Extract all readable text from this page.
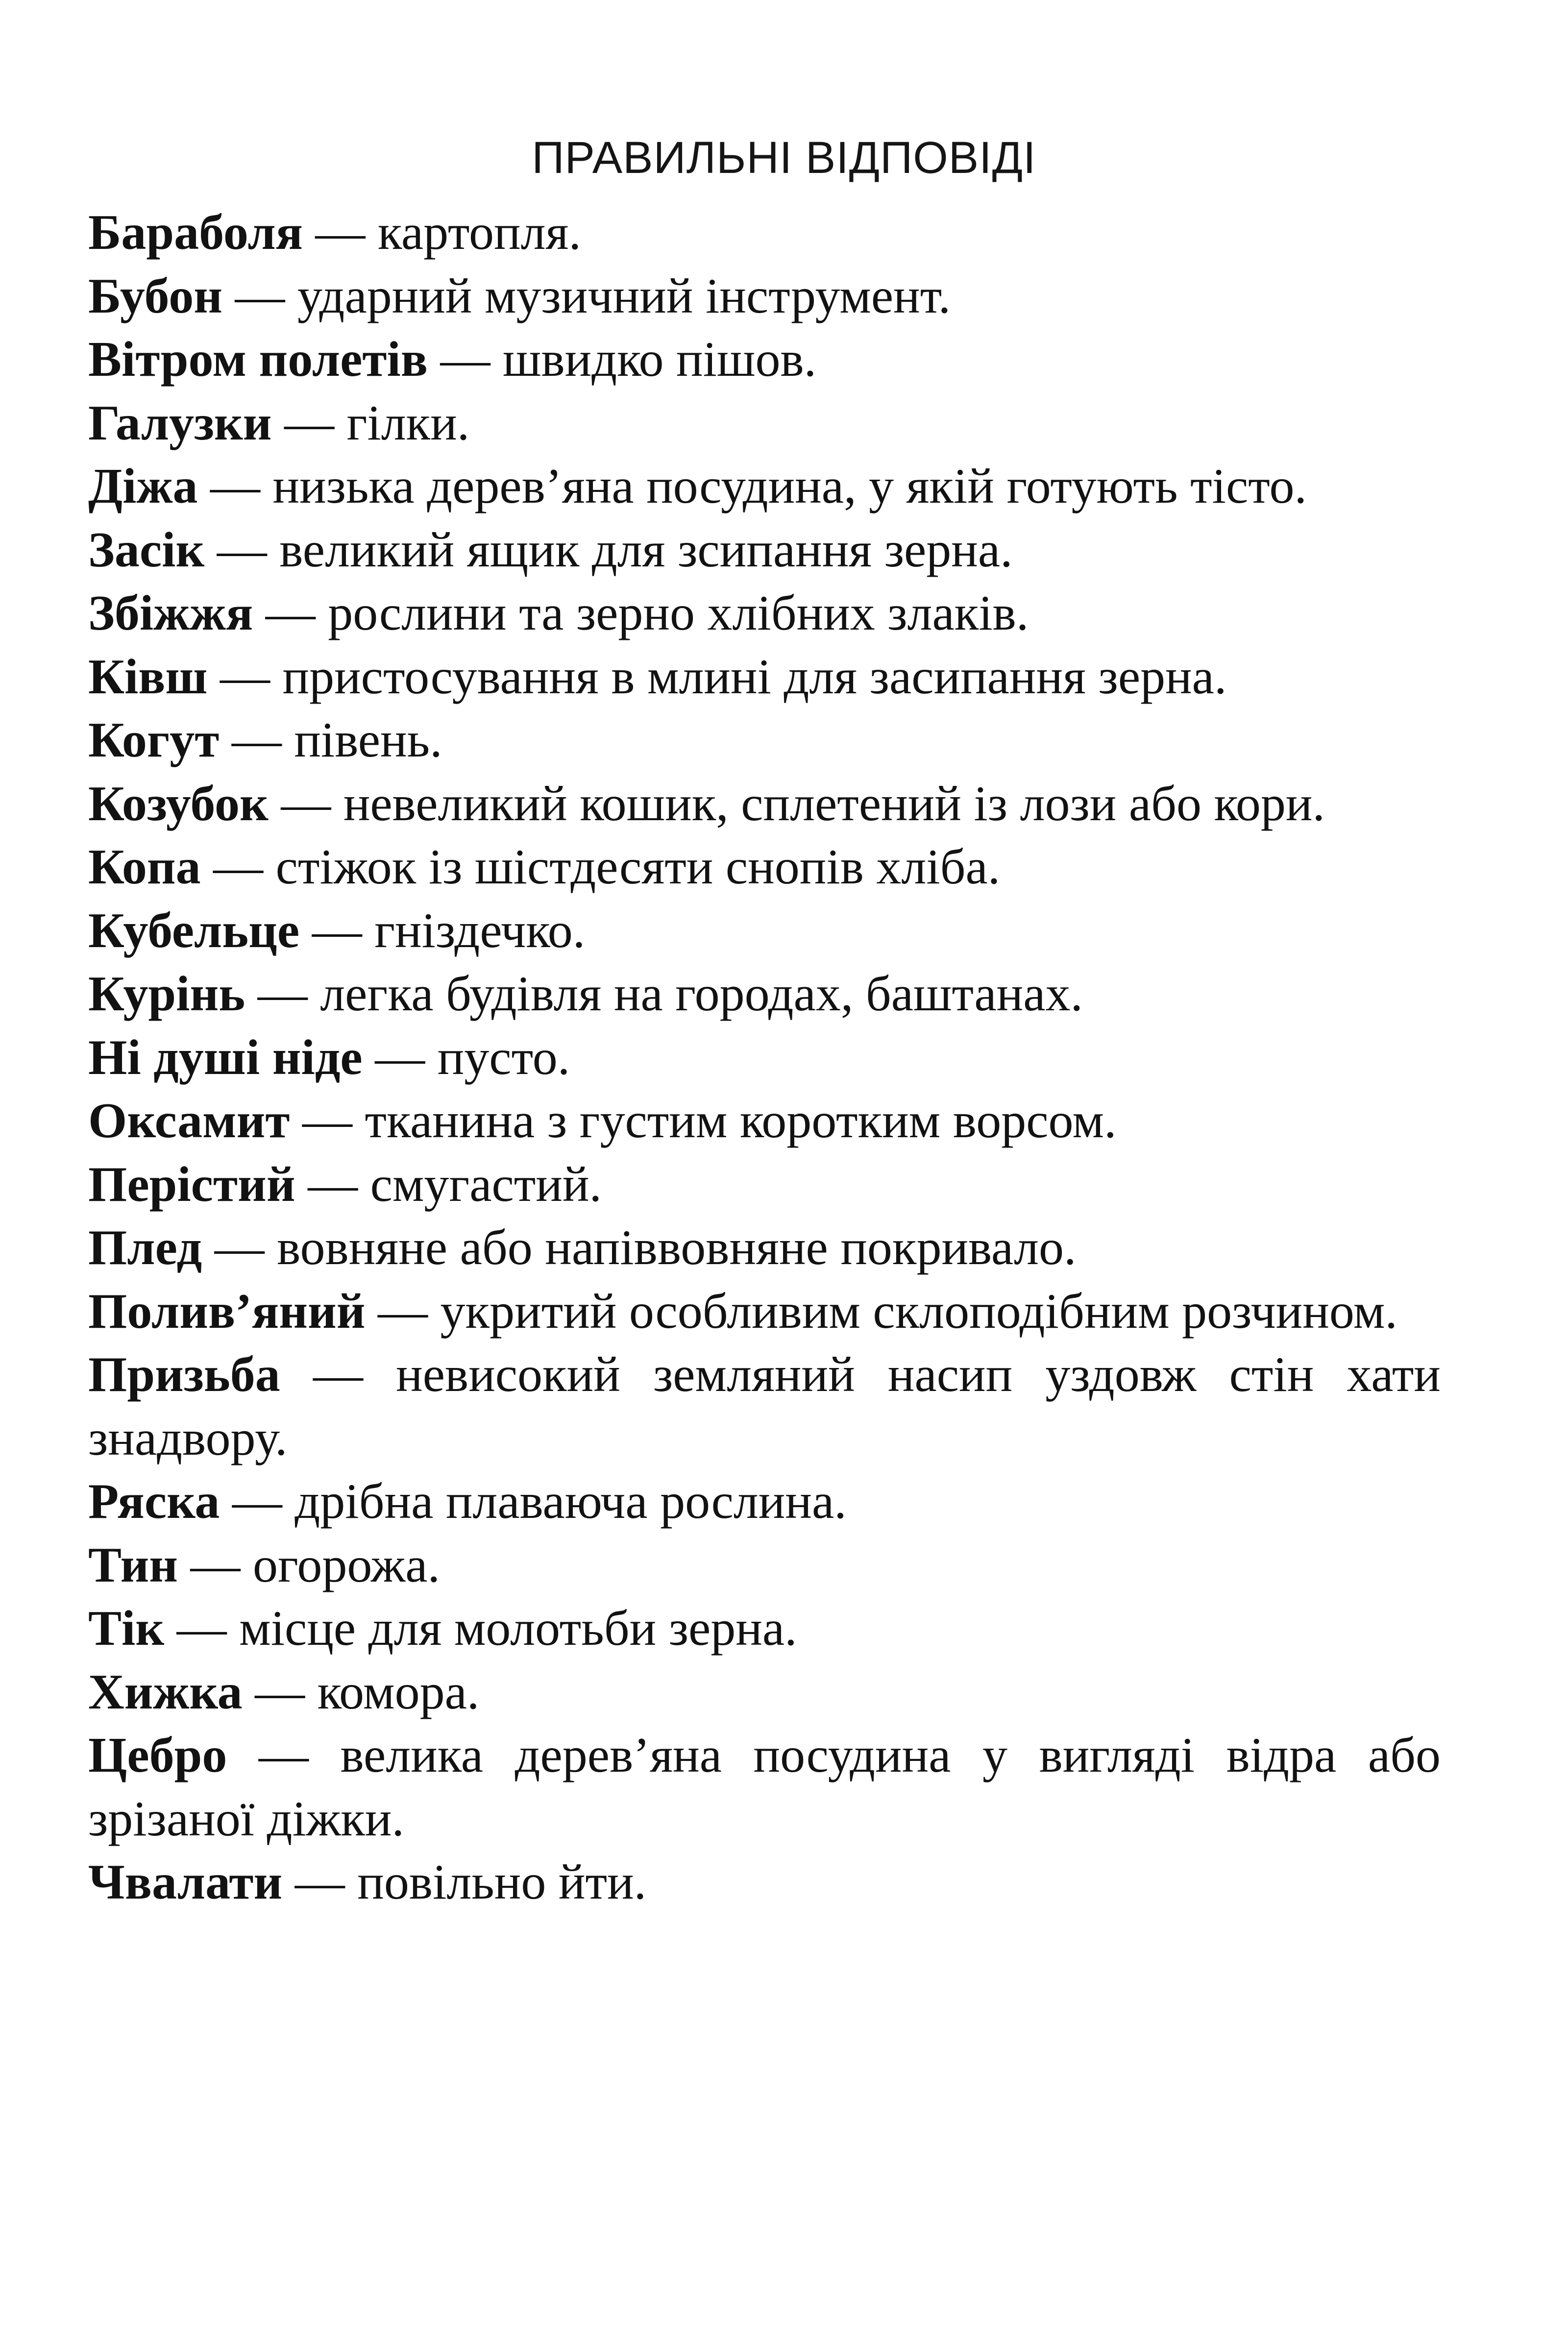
ПРАВИЛЬНІ ВІДПОВІДІ
Бараболя — картопля.
Бубон — ударний музичний інструмент.
Вітром полетів — швидко пішов.
Галузки — гілки.
Діжа — низька дерев’яна посудина, у якій готують тісто.
Засік — великий ящик для зсипання зерна.
Збіжжя — рослини та зерно хлібних злаків.
Ківш — пристосування в млині для засипання зерна.
Когут — півень.
Козубок — невеликий кошик, сплетений із лози або кори.
Копа — стіжок із шістдесяти снопів хліба.
Кубельце — гніздечко.
Курінь — легка будівля на городах, баштанах.
Ні душі ніде — пусто.
Оксамит — тканина з густим коротким ворсом.
Перістий — смугастий.
Плед — вовняне або напіввовняне покривало.
Полив’яний — укритий особливим склоподібним розчином.
Призьба — невисокий земляний насип уздовж стін хати знадвору.
Ряска — дрібна плаваюча рослина.
Тин — огорожа.
Тік — місце для молотьби зерна.
Хижка — комора.
Цебро — велика дерев’яна посудина у вигляді відра або зрізаної діжки.
Чвалати — повільно йти.
